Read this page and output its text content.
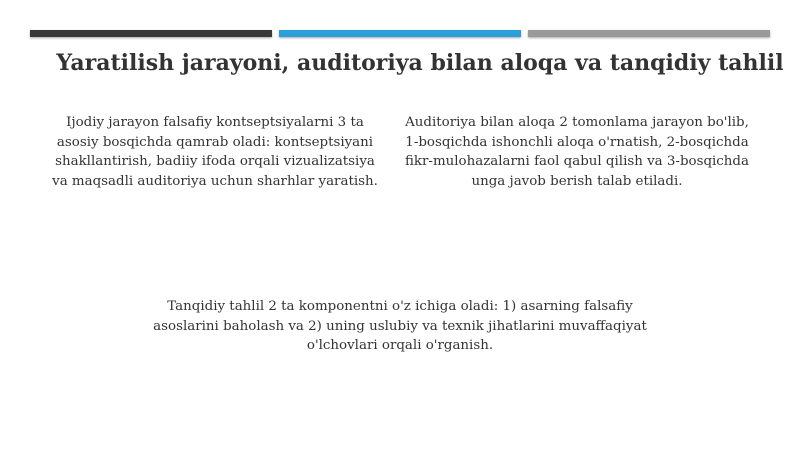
Yaratilish jarayoni, auditoriya bilan aloqa va tanqidiy tahlil
Ijodiy jarayon falsafiy kontseptsiyalarni 3 ta asosiy bosqichda qamrab oladi: kontseptsiyani shakllantirish, badiiy ifoda orqali vizualizatsiya va maqsadli auditoriya uchun sharhlar yaratish.
Auditoriya bilan aloqa 2 tomonlama jarayon bo'lib, 1-bosqichda ishonchli aloqa o'rnatish, 2-bosqichda fikr-mulohazalarni faol qabul qilish va 3-bosqichda unga javob berish talab etiladi.
Tanqidiy tahlil 2 ta komponentni o'z ichiga oladi: 1) asarning falsafiy asoslarini baholash va 2) uning uslubiy va texnik jihatlarini muvaffaqiyat o'lchovlari orqali o'rganish.
